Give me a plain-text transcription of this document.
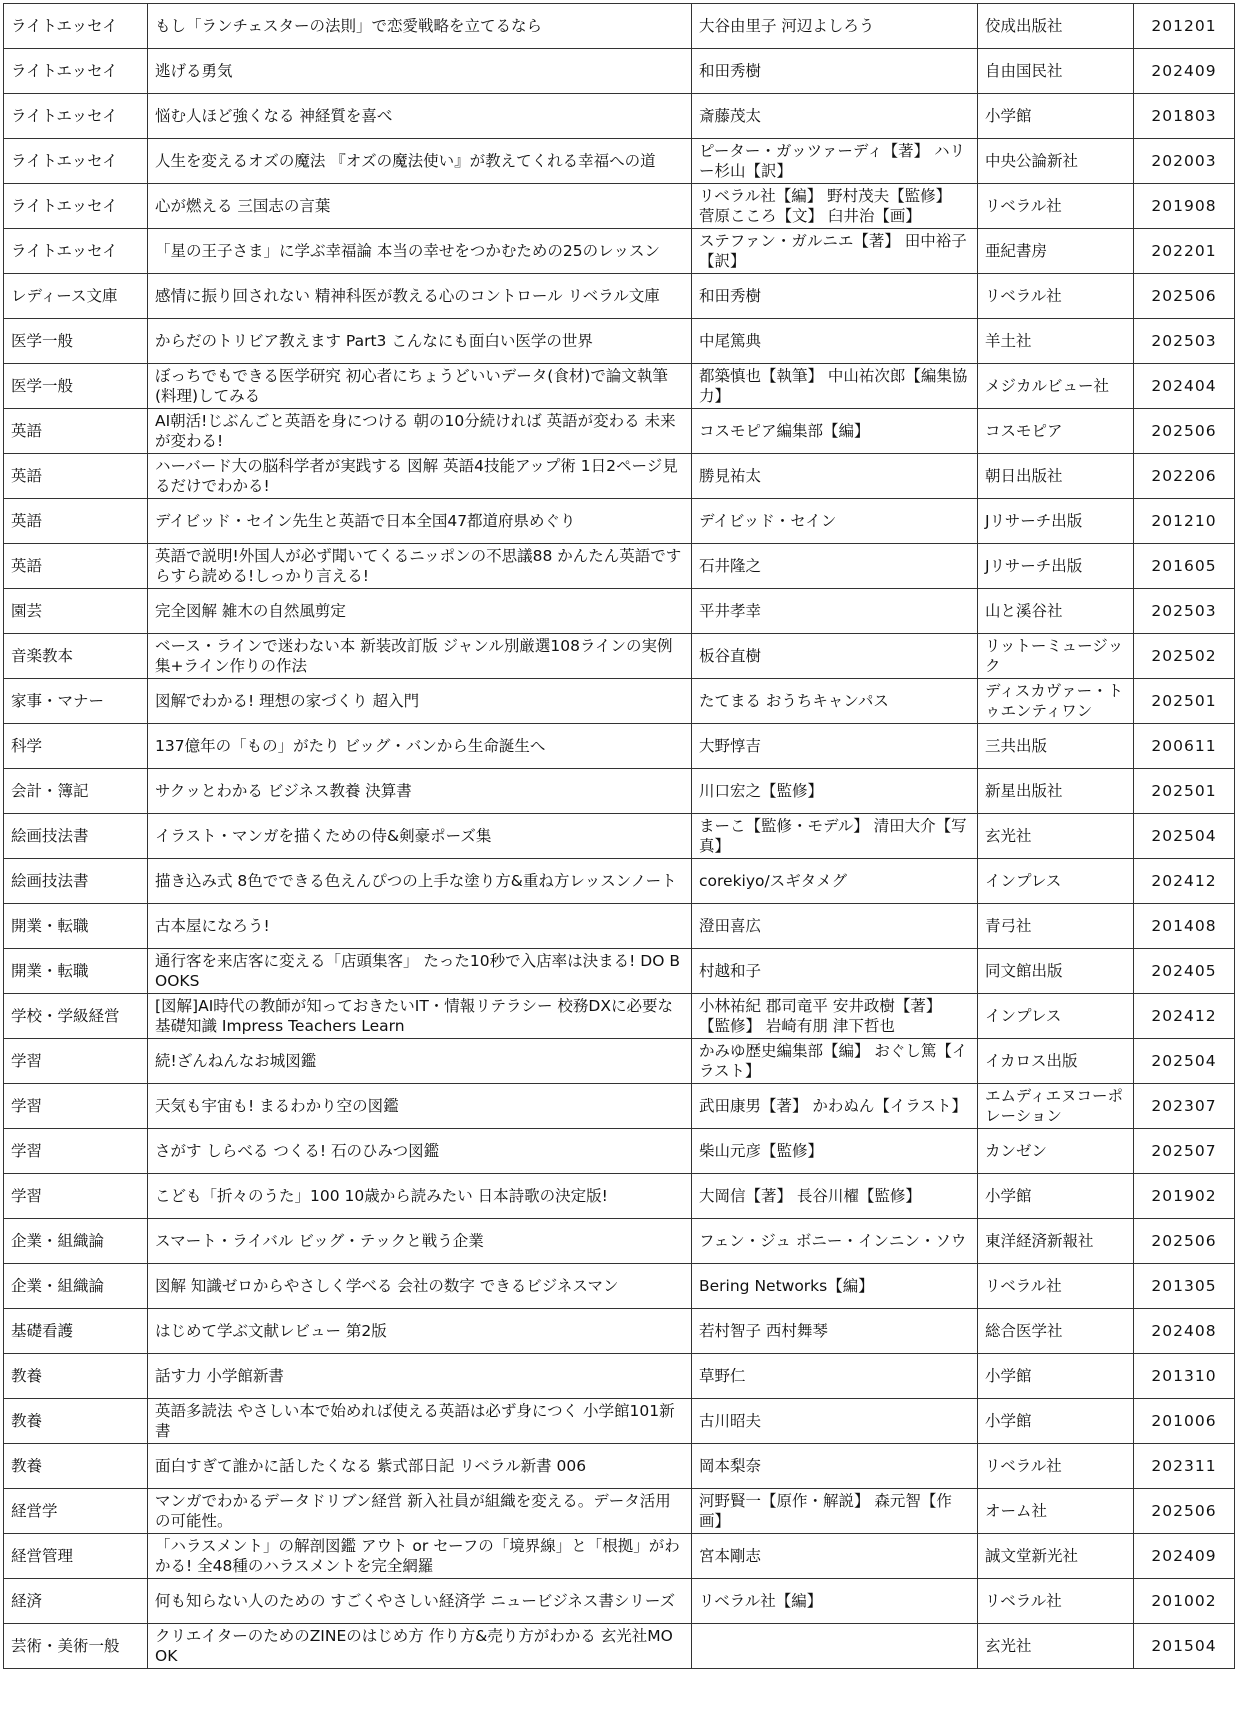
ライトエッセイ	もし「ランチェスターの法則」で恋愛戦略を立てるなら	大谷由里子 河辺よしろう	佼成出版社	201201
ライトエッセイ	逃げる勇気	和田秀樹	自由国民社	202409
ライトエッセイ	悩む人ほど強くなる 神経質を喜べ	斎藤茂太	小学館	201803
ライトエッセイ	人生を変えるオズの魔法 『オズの魔法使い』が教えてくれる幸福への道	ピーター・ガッツァーディ【著】 ハリー杉山【訳】	中央公論新社	202003
ライトエッセイ	心が燃える 三国志の言葉	リベラル社【編】 野村茂夫【監修】 菅原こころ【文】 臼井治【画】	リベラル社	201908
ライトエッセイ	「星の王子さま」に学ぶ幸福論 本当の幸せをつかむための25のレッスン	ステファン・ガルニエ【著】 田中裕子【訳】	亜紀書房	202201
レディース文庫	感情に振り回されない 精神科医が教える心のコントロール リベラル文庫	和田秀樹	リベラル社	202506
医学一般	からだのトリビア教えます Part3 こんなにも面白い医学の世界	中尾篤典	羊土社	202503
医学一般	ぼっちでもできる医学研究 初心者にちょうどいいデータ(食材)で論文執筆(料理)してみる	都築慎也【執筆】 中山祐次郎【編集協力】	メジカルビュー社	202404
英語	AI朝活!じぶんごと英語を身につける 朝の10分続ければ 英語が変わる 未来が変わる!	コスモピア編集部【編】	コスモピア	202506
英語	ハーバード大の脳科学者が実践する 図解 英語4技能アップ術 1日2ページ見るだけでわかる!	勝見祐太	朝日出版社	202206
英語	デイビッド・セイン先生と英語で日本全国47都道府県めぐり	デイビッド・セイン	Jリサーチ出版	201210
英語	英語で説明!外国人が必ず聞いてくるニッポンの不思議88 かんたん英語ですらすら読める!しっかり言える!	石井隆之	Jリサーチ出版	201605
園芸	完全図解 雑木の自然風剪定	平井孝幸	山と溪谷社	202503
音楽教本	ベース・ラインで迷わない本 新装改訂版 ジャンル別厳選108ラインの実例集+ライン作りの作法	板谷直樹	リットーミュージック	202502
家事・マナー	図解でわかる! 理想の家づくり 超入門	たてまる おうちキャンパス	ディスカヴァー・トゥエンティワン	202501
科学	137億年の「もの」がたり ビッグ・バンから生命誕生へ	大野惇吉	三共出版	200611
会計・簿記	サクッとわかる ビジネス教養 決算書	川口宏之【監修】	新星出版社	202501
絵画技法書	イラスト・マンガを描くための侍&剣豪ポーズ集	まーこ【監修・モデル】 清田大介【写真】	玄光社	202504
絵画技法書	描き込み式 8色でできる色えんぴつの上手な塗り方&重ね方レッスンノート	corekiyo/スギタメグ	インプレス	202412
開業・転職	古本屋になろう!	澄田喜広	青弓社	201408
開業・転職	通行客を来店客に変える「店頭集客」 たった10秒で入店率は決まる! DO BOOKS	村越和子	同文館出版	202405
学校・学級経営	[図解]AI時代の教師が知っておきたいIT・情報リテラシー 校務DXに必要な基礎知識 Impress Teachers Learn	小林祐紀 郡司竜平 安井政樹【著】 【監修】 岩崎有朋 津下哲也	インプレス	202412
学習	続!ざんねんなお城図鑑	かみゆ歴史編集部【編】 おぐし篤【イラスト】	イカロス出版	202504
学習	天気も宇宙も! まるわかり空の図鑑	武田康男【著】 かわぬん【イラスト】	エムディエヌコーポレーション	202307
学習	さがす しらべる つくる! 石のひみつ図鑑	柴山元彦【監修】	カンゼン	202507
学習	こども「折々のうた」100 10歳から読みたい 日本詩歌の決定版!	大岡信【著】 長谷川櫂【監修】	小学館	201902
企業・組織論	スマート・ライバル ビッグ・テックと戦う企業	フェン・ジュ ボニー・インニン・ソウ	東洋経済新報社	202506
企業・組織論	図解 知識ゼロからやさしく学べる 会社の数字 できるビジネスマン	Bering Networks【編】	リベラル社	201305
基礎看護	はじめて学ぶ文献レビュー 第2版	若村智子 西村舞琴	総合医学社	202408
教養	話す力 小学館新書	草野仁	小学館	201310
教養	英語多読法 やさしい本で始めれば使える英語は必ず身につく 小学館101新書	古川昭夫	小学館	201006
教養	面白すぎて誰かに話したくなる 紫式部日記 リベラル新書 006	岡本梨奈	リベラル社	202311
経営学	マンガでわかるデータドリブン経営 新入社員が組織を変える。データ活用の可能性。	河野賢一【原作・解説】 森元智【作画】	オーム社	202506
経営管理	「ハラスメント」の解剖図鑑 アウト or セーフの「境界線」と「根拠」がわかる! 全48種のハラスメントを完全網羅	宮本剛志	誠文堂新光社	202409
経済	何も知らない人のための すごくやさしい経済学 ニュービジネス書シリーズ	リベラル社【編】	リベラル社	201002
芸術・美術一般	クリエイターのためのZINEのはじめ方 作り方&売り方がわかる 玄光社MOOK		玄光社	201504
